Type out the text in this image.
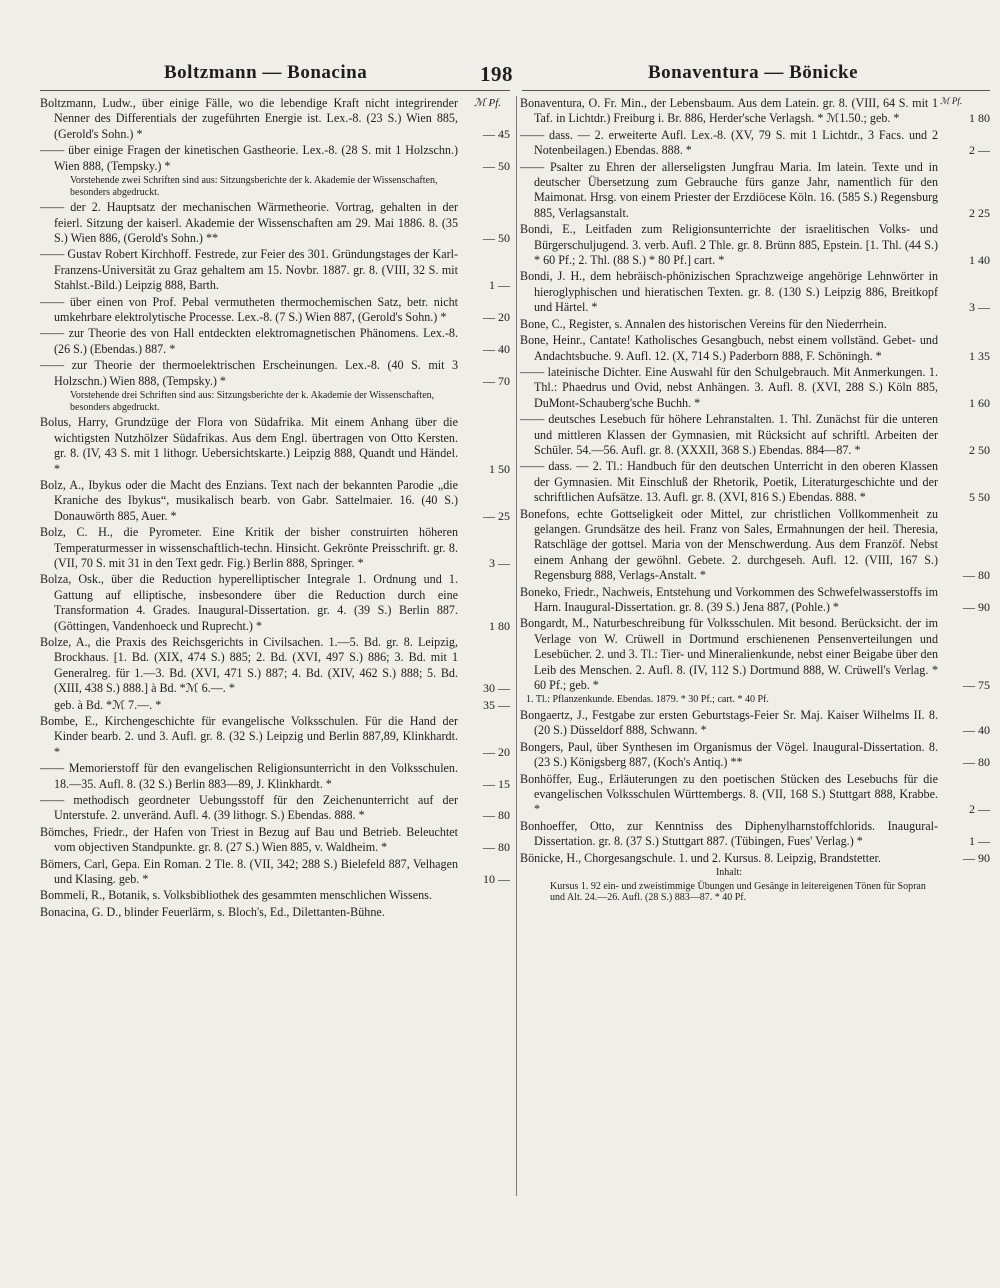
Boltzmann — Bonacina	198	Bonaventura — Bönicke
ℳ Pf.	ℳ Pf.
Boltzmann, Ludw., über einige Fälle, wo die lebendige Kraft nicht integrirender Nenner des Differentials der zugeführten Energie ist. Lex.-8. (23 S.) Wien 885, (Gerold's Sohn.) *	— 45
—— über einige Fragen der kinetischen Gastheorie. Lex.-8. (28 S. mit 1 Holzschn.) Wien 888, (Tempsky.) *	— 50
Vorstehende zwei Schriften sind aus: Sitzungsberichte der k. Akademie der Wissenschaften, besonders abgedruckt.
—— der 2. Hauptsatz der mechanischen Wärmetheorie. Vortrag, gehalten in der feierl. Sitzung der kaiserl. Akademie der Wissenschaften am 29. Mai 1886. 8. (35 S.) Wien 886, (Gerold's Sohn.) **	— 50
—— Gustav Robert Kirchhoff. Festrede, zur Feier des 301. Gründungstages der Karl-Franzens-Universität zu Graz gehaltem am 15. Novbr. 1887. gr. 8. (VIII, 32 S. mit Stahlst.-Bild.) Leipzig 888, Barth.	1 —
—— über einen von Prof. Pebal vermutheten thermochemischen Satz, betr. nicht umkehrbare elektrolytische Processe. Lex.-8. (7 S.) Wien 887, (Gerold's Sohn.) *	— 20
—— zur Theorie des von Hall entdeckten elektromagnetischen Phänomens. Lex.-8. (26 S.) (Ebendas.) 887. *	— 40
—— zur Theorie der thermoelektrischen Erscheinungen. Lex.-8. (40 S. mit 3 Holzschn.) Wien 888, (Tempsky.) *	— 70
Vorstehende drei Schriften sind aus: Sitzungsberichte der k. Akademie der Wissenschaften, besonders abgedruckt.
Bolus, Harry, Grundzüge der Flora von Südafrika. Mit einem Anhang über die wichtigsten Nutzhölzer Südafrikas. Aus dem Engl. übertragen von Otto Kersten. gr. 8. (IV, 43 S. mit 1 lithogr. Uebersichtskarte.) Leipzig 888, Quandt und Händel. *	1 50
Bolz, A., Ibykus oder die Macht des Enzians. Text nach der bekannten Parodie „die Kraniche des Ibykus“, musikalisch bearb. von Gabr. Sattelmaier. 16. (40 S.) Donauwörth 885, Auer. *	— 25
Bolz, C. H., die Pyrometer. Eine Kritik der bisher construirten höheren Temperaturmesser in wissenschaftlich-techn. Hinsicht. Gekrönte Preisschrift. gr. 8. (VII, 70 S. mit 31 in den Text gedr. Fig.) Berlin 888, Springer. *	3 —
Bolza, Osk., über die Reduction hyperelliptischer Integrale 1. Ordnung und 1. Gattung auf elliptische, insbesondere über die Reduction durch eine Transformation 4. Grades. Inaugural-Dissertation. gr. 4. (39 S.) Berlin 887. (Göttingen, Vandenhoeck und Ruprecht.) *	1 80
Bolze, A., die Praxis des Reichsgerichts in Civilsachen. 1.—5. Bd. gr. 8. Leipzig, Brockhaus. [1. Bd. (XIX, 474 S.) 885; 2. Bd. (XVI, 497 S.) 886; 3. Bd. mit 1 Generalreg. für 1.—3. Bd. (XVI, 471 S.) 887; 4. Bd. (XIV, 462 S.) 888; 5. Bd. (XIII, 438 S.) 888.] à Bd. *ℳ 6.—. *	30 —
geb. à Bd. *ℳ 7.—. *	35 —
Bombe, E., Kirchengeschichte für evangelische Volksschulen. Für die Hand der Kinder bearb. 2. und 3. Aufl. gr. 8. (32 S.) Leipzig und Berlin 887,89, Klinkhardt. *	— 20
—— Memorierstoff für den evangelischen Religionsunterricht in den Volksschulen. 18.—35. Aufl. 8. (32 S.) Berlin 883—89, J. Klinkhardt. *	— 15
—— methodisch geordneter Uebungsstoff für den Zeichenunterricht auf der Unterstufe. 2. unveränd. Aufl. 4. (39 lithogr. S.) Ebendas. 888. *	— 80
Bömches, Friedr., der Hafen von Triest in Bezug auf Bau und Betrieb. Beleuchtet vom objectiven Standpunkte. gr. 8. (27 S.) Wien 885, v. Waldheim. *	— 80
Bömers, Carl, Gepa. Ein Roman. 2 Tle. 8. (VII, 342; 288 S.) Bielefeld 887, Velhagen und Klasing. geb. *	10 —
Bommeli, R., Botanik, s. Volksbibliothek des gesammten menschlichen Wissens.
Bonacina, G. D., blinder Feuerlärm, s. Bloch's, Ed., Dilettanten-Bühne.
Bonaventura, O. Fr. Min., der Lebensbaum. Aus dem Latein. gr. 8. (VIII, 64 S. mit 1 Taf. in Lichtdr.) Freiburg i. Br. 886, Herder'sche Verlagsh. * ℳ1.50.; geb. *	1 80
—— dass. — 2. erweiterte Aufl. Lex.-8. (XV, 79 S. mit 1 Lichtdr., 3 Facs. und 2 Notenbeilagen.) Ebendas. 888. *	2 —
—— Psalter zu Ehren der allerseligsten Jungfrau Maria. Im latein. Texte und in deutscher Übersetzung zum Gebrauche fürs ganze Jahr, namentlich für den Maimonat. Hrsg. von einem Priester der Erzdiöcese Köln. 16. (585 S.) Regensburg 885, Verlagsanstalt.	2 25
Bondi, E., Leitfaden zum Religionsunterrichte der israelitischen Volks- und Bürgerschuljugend. 3. verb. Aufl. 2 Thle. gr. 8. Brünn 885, Epstein. [1. Thl. (44 S.) * 60 Pf.; 2. Thl. (88 S.) * 80 Pf.] cart. *	1 40
Bondi, J. H., dem hebräisch-phönizischen Sprachzweige angehörige Lehnwörter in hieroglyphischen und hieratischen Texten. gr. 8. (130 S.) Leipzig 886, Breitkopf und Härtel. *	3 —
Bone, C., Register, s. Annalen des historischen Vereins für den Niederrhein.
Bone, Heinr., Cantate! Katholisches Gesangbuch, nebst einem vollständ. Gebet- und Andachtsbuche. 9. Aufl. 12. (X, 714 S.) Paderborn 888, F. Schöningh. *	1 35
—— lateinische Dichter. Eine Auswahl für den Schulgebrauch. Mit Anmerkungen. 1. Thl.: Phaedrus und Ovid, nebst Anhängen. 3. Aufl. 8. (XVI, 288 S.) Köln 885, DuMont-Schauberg'sche Buchh. *	1 60
—— deutsches Lesebuch für höhere Lehranstalten. 1. Thl. Zunächst für die unteren und mittleren Klassen der Gymnasien, mit Rücksicht auf schriftl. Arbeiten der Schüler. 54.—56. Aufl. gr. 8. (XXXII, 368 S.) Ebendas. 884—87. *	2 50
—— dass. — 2. Tl.: Handbuch für den deutschen Unterricht in den oberen Klassen der Gymnasien. Mit Einschluß der Rhetorik, Poetik, Literaturgeschichte und der schriftlichen Aufsätze. 13. Aufl. gr. 8. (XVI, 816 S.) Ebendas. 888. *	5 50
Bonefons, echte Gottseligkeit oder Mittel, zur christlichen Vollkommenheit zu gelangen. Grundsätze des heil. Franz von Sales, Ermahnungen der heil. Theresia, Ratschläge der gottsel. Maria von der Menschwerdung. Aus dem Franzöf. Nebst einem Anhang der gewöhnl. Gebete. 2. durchgeseh. Aufl. 12. (VIII, 167 S.) Regensburg 888, Verlags-Anstalt. *	— 80
Boneko, Friedr., Nachweis, Entstehung und Vorkommen des Schwefelwasserstoffs im Harn. Inaugural-Dissertation. gr. 8. (39 S.) Jena 887, (Pohle.) *	— 90
Bongardt, M., Naturbeschreibung für Volksschulen. Mit besond. Berücksicht. der im Verlage von W. Crüwell in Dortmund erschienenen Pensenverteilungen und Lesebücher. 2. und 3. Tl.: Tier- und Mineralienkunde, nebst einer Beigabe über den Leib des Menschen. 2. Aufl. 8. (IV, 112 S.) Dortmund 888, W. Crüwell's Verlag. * 60 Pf.; geb. *	— 75
1. Tl.: Pflanzenkunde. Ebendas. 1879. * 30 Pf.; cart. * 40 Pf.
Bongaertz, J., Festgabe zur ersten Geburtstags-Feier Sr. Maj. Kaiser Wilhelms II. 8. (20 S.) Düsseldorf 888, Schwann. *	— 40
Bongers, Paul, über Synthesen im Organismus der Vögel. Inaugural-Dissertation. 8. (23 S.) Königsberg 887, (Koch's Antiq.) **	— 80
Bonhöffer, Eug., Erläuterungen zu den poetischen Stücken des Lesebuchs für die evangelischen Volksschulen Württembergs. 8. (VII, 168 S.) Stuttgart 888, Krabbe. *	2 —
Bonhoeffer, Otto, zur Kenntniss des Diphenylharnstoffchlorids. Inaugural-Dissertation. gr. 8. (37 S.) Stuttgart 887. (Tübingen, Fues' Verlag.) *	1 —
Bönicke, H., Chorgesangschule. 1. und 2. Kursus. 8. Leipzig, Brandstetter.	— 90
Inhalt:
Kursus 1. 92 ein- und zweistimmige Übungen und Gesänge in leitereigenen Tönen für Sopran und Alt. 24.—26. Aufl. (28 S.) 883—87. * 40 Pf.
